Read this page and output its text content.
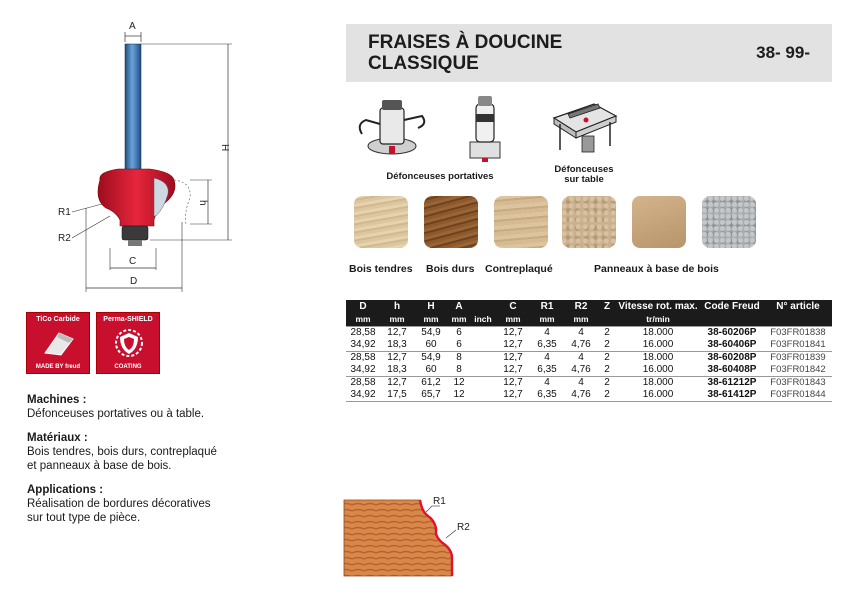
A
H
h
R1
R2
C
D
TiCo Carbide
MADE BY freud
Perma-SHIELD
COATING
Machines :
Défonceuses portatives ou à table.
Matériaux :
Bois tendres, bois durs, contreplaqué
et panneaux à base de bois.
Applications :
Réalisation de bordures décoratives
sur tout type de pièce.
FRAISES À DOUCINE
CLASSIQUE
38- 99-
Défonceuses portatives
Défonceuses
sur table
Bois tendres Bois durs Contreplaqué	Panneaux à base de bois
D	h	H	A		C	R1	R2	Z	Vitesse rot. max.	Code Freud	N° article
mm	mm	mm	mm	inch	mm	mm	mm		tr/min		
28,58	12,7	54,9	6		12,7	4	4	2	18.000	38-60206P	F03FR01838
34,92	18,3	60	6		12,7	6,35	4,76	2	16.000	38-60406P	F03FR01841
28,58	12,7	54,9	8		12,7	4	4	2	18.000	38-60208P	F03FR01839
34,92	18,3	60	8		12,7	6,35	4,76	2	16.000	38-60408P	F03FR01842
28,58	12,7	61,2	12		12,7	4	4	2	18.000	38-61212P	F03FR01843
34,92	17,5	65,7	12		12,7	6,35	4,76	2	16.000	38-61412P	F03FR01844
R1
R2
